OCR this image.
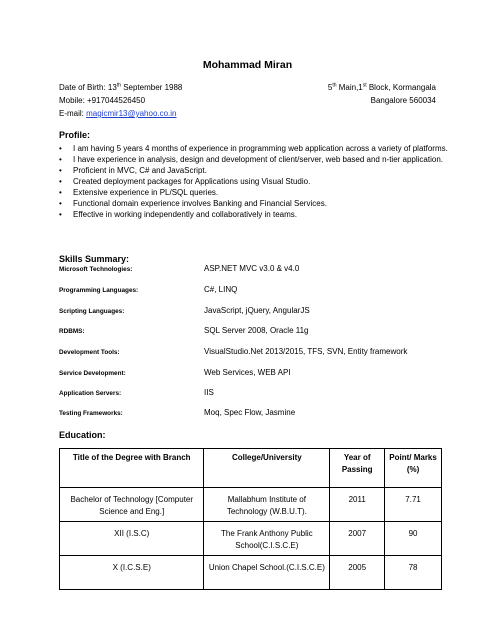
Mohammad Miran
Date of Birth: 13th September 1988
Mobile: +917044526450
E-mail: magicmir13@yahoo.co.in
5th Main,1st Block, Kormangala
Bangalore 560034
Profile:
• I am having 5 years 4 months of experience in programming web application across a variety of platforms.
• I have experience in analysis, design and development of client/server, web based and n-tier application.
• Proficient in MVC, C# and JavaScript.
• Created deployment packages for Applications using Visual Studio.
• Extensive experience in PL/SQL queries.
• Functional domain experience involves Banking and Financial Services.
• Effective in working independently and collaboratively in teams.
Skills Summary:
Microsoft Technologies:	ASP.NET MVC v3.0 & v4.0
Programming Languages:	C#, LINQ
Scripting Languages:	JavaScript, jQuery, AngularJS
RDBMS:	SQL Server 2008, Oracle 11g
Development Tools:	VisualStudio.Net 2013/2015, TFS, SVN, Entity framework
Service Development:	Web Services, WEB API
Application Servers:	IIS
Testing Frameworks:	Moq, Spec Flow, Jasmine
Education:
Title of the Degree with Branch	College/University	Year of Passing	Point/ Marks (%)
Bachelor of Technology [Computer Science and Eng.]	Mallabhum Institute of Technology (W.B.U.T).	2011	7.71
XII (I.S.C)	The Frank Anthony Public School(C.I.S.C.E)	2007	90
X (I.C.S.E)	Union Chapel School.(C.I.S.C.E)	2005	78
